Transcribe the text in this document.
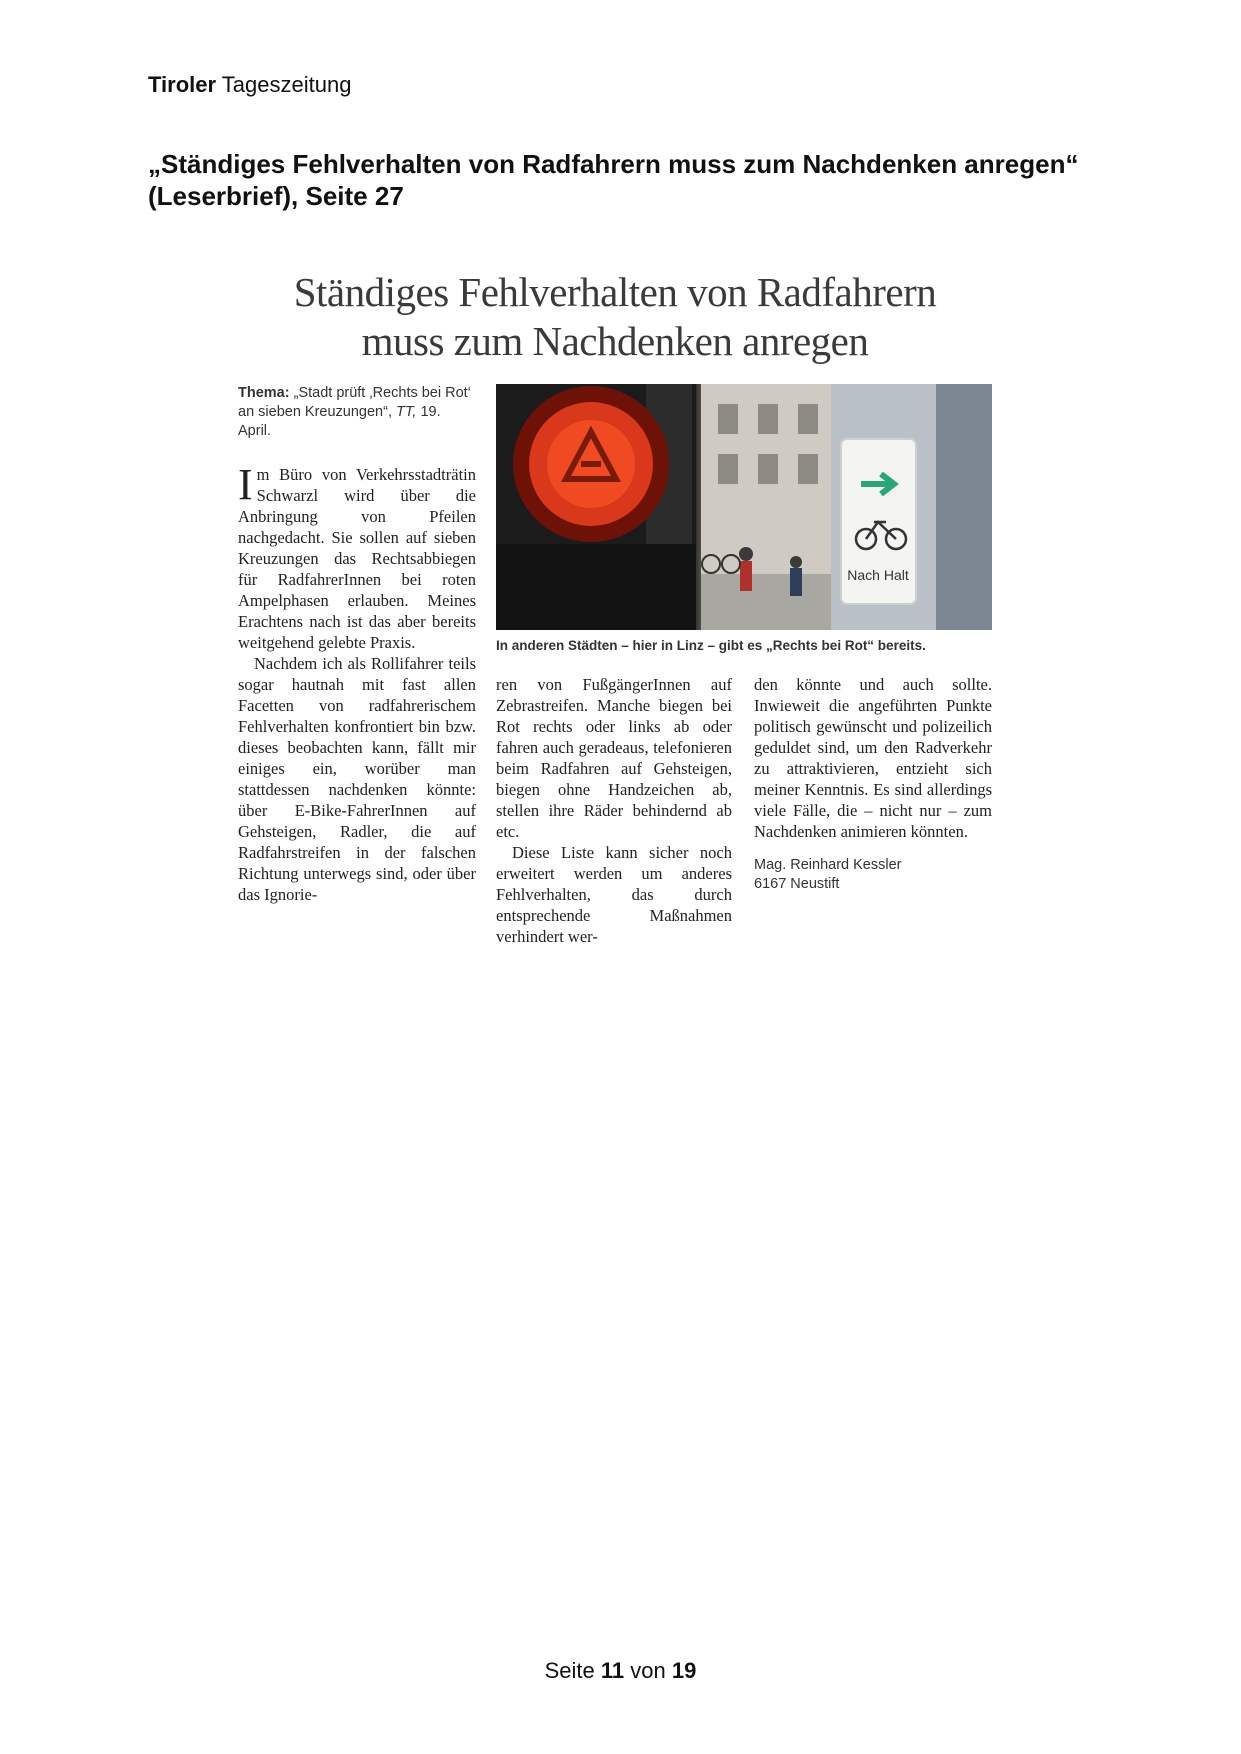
Tiroler Tageszeitung
„Ständiges Fehlverhalten von Radfahrern muss zum Nachdenken anregen“ (Leserbrief), Seite 27
Ständiges Fehlverhalten von Radfahrern
muss zum Nachdenken anregen
Thema: „Stadt prüft ‚Rechts bei Rot‘ an sieben Kreuzungen“, TT, 19. April.

Im Büro von Verkehrsstadträtin Schwarzl wird über die Anbringung von Pfeilen nachgedacht. Sie sollen auf sieben Kreuzungen das Rechtsabbiegen für RadfahrerInnen bei roten Ampelphasen erlauben. Meines Erachtens nach ist das aber bereits weitgehend gelebte Praxis.

Nachdem ich als Rollifahrer teils sogar hautnah mit fast allen Facetten von radfahrerischem Fehlverhalten konfrontiert bin bzw. dieses beobachten kann, fällt mir einiges ein, worüber man stattdessen nachdenken könnte: über E-Bike-FahrerInnen auf Gehsteigen, Radler, die auf Radfahrstreifen in der falschen Richtung unterwegs sind, oder über das Ignorie-

Nach Halt
In anderen Städten – hier in Linz – gibt es „Rechts bei Rot“ bereits.

ren von FußgängerInnen auf Zebrastreifen. Manche biegen bei Rot rechts oder links ab oder fahren auch geradeaus, telefonieren beim Radfahren auf Gehsteigen, biegen ohne Handzeichen ab, stellen ihre Räder behindernd ab etc.

Diese Liste kann sicher noch erweitert werden um anderes Fehlverhalten, das durch entsprechende Maßnahmen verhindert wer-

den könnte und auch sollte. Inwieweit die angeführten Punkte politisch gewünscht und polizeilich geduldet sind, um den Radverkehr zu attraktivieren, entzieht sich meiner Kenntnis. Es sind allerdings viele Fälle, die – nicht nur – zum Nachdenken animieren könnten.

Mag. Reinhard Kessler
6167 Neustift
Seite 11 von 19
